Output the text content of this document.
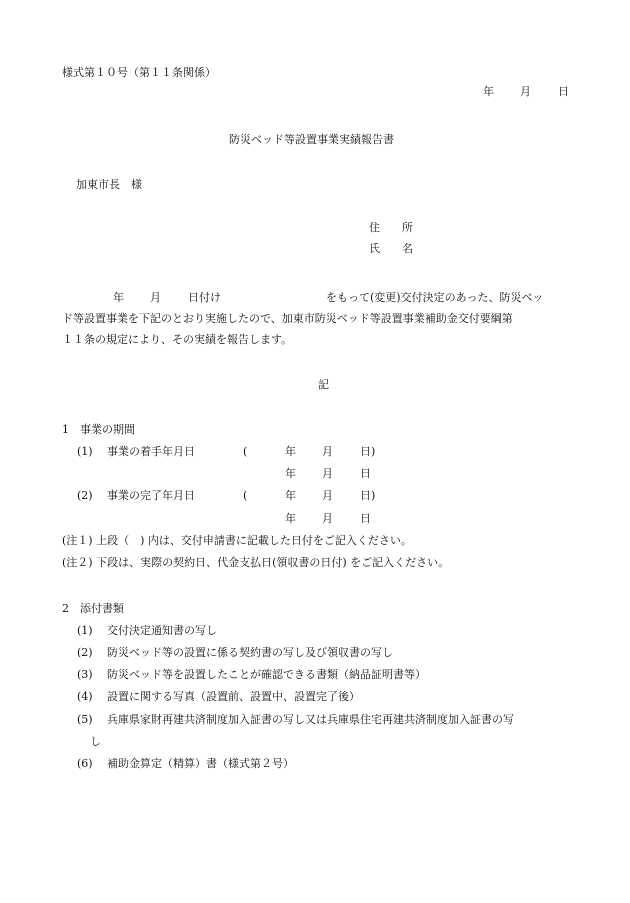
様式第１０号（第１１条関係）
年 月 日
防災ベッド等設置事業実績報告書
加東市長　様
住　　所
氏　　名
年 月 日付け	をもって(変更)交付決定のあった、防災ベッ
ド等設置事業を下記のとおり実施したので、加東市防災ベッド等設置事業補助金交付要綱第
１１条の規定により、その実績を報告します。
記
1　事業の期間
(1) 事業の着手年月日	(	年 月 日)
年 月 日
(2) 事業の完了年月日	(	年 月 日)
年 月 日
(注１) 上段（　) 内は、交付申請書に記載した日付をご記入ください。
(注２) 下段は、実際の契約日、代金支払日(領収書の日付) をご記入ください。
2　添付書類
(1) 交付決定通知書の写し
(2) 防災ベッド等の設置に係る契約書の写し及び領収書の写し
(3) 防災ベッド等を設置したことが確認できる書類（納品証明書等）
(4) 設置に関する写真（設置前、設置中、設置完了後）
(5) 兵庫県家財再建共済制度加入証書の写し又は兵庫県住宅再建共済制度加入証書の写
し
(6) 補助金算定（精算）書（様式第２号）
